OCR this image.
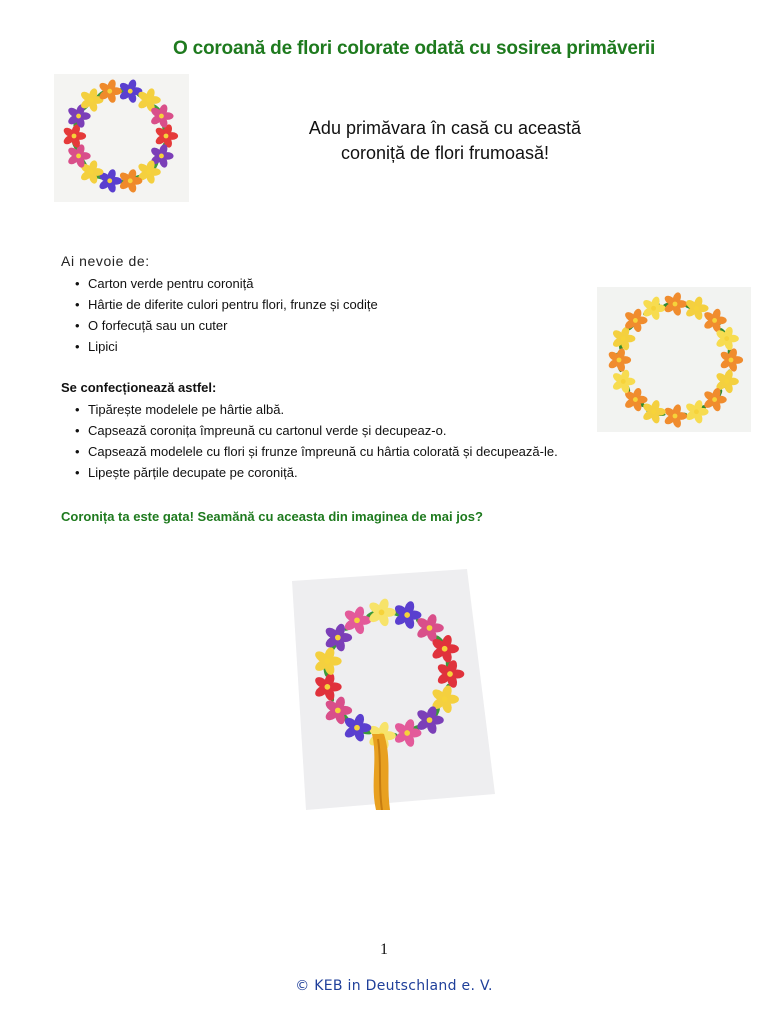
O coroană de flori colorate odată cu sosirea primăverii
Adu primăvara în casă cu această
coroniță de flori frumoasă!
Ai nevoie de:
• Carton verde pentru coroniță
• Hârtie de diferite culori pentru flori, frunze și codițe
• O forfecuță sau un cuter
• Lipici
Se confecționează astfel:
• Tipărește modelele pe hârtie albă.
• Capsează coronița împreună cu cartonul verde și decupeaz-o.
• Capsează modelele cu flori și frunze împreună cu hârtia colorată și decupează-le.
• Lipește părțile decupate pe coroniță.
Coronița ta este gata! Seamănă cu aceasta din imaginea de mai jos?
1
© KEB in Deutschland e. V.
